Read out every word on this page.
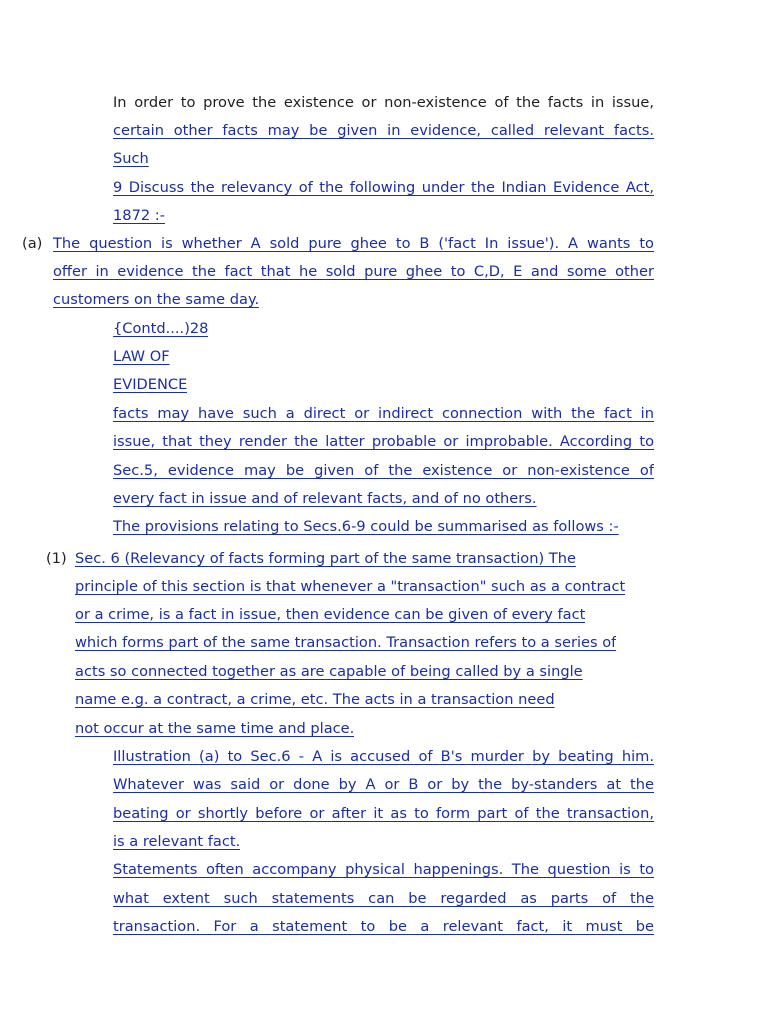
In order to prove the existence or non-existence of the facts in issue,
certain other facts may be given in evidence, called relevant facts.
Such
9 Discuss the relevancy of the following under the Indian Evidence Act,
1872 :-
(a) The question is whether A sold pure ghee to B ('fact In issue'). A wants to
offer in evidence the fact that he sold pure ghee to C,D, E and some other
customers on the same day.
{Contd....)28
LAW OF
EVIDENCE
facts may have such a direct or indirect connection with the fact in
issue, that they render the latter probable or improbable. According to
Sec.5, evidence may be given of the existence or non-existence of
every fact in issue and of relevant facts, and of no others.
The provisions relating to Secs.6-9 could be summarised as follows :-
(1) Sec. 6 (Relevancy of facts forming part of the same transaction) The
principle of this section is that whenever a "transaction" such as a contract
or a crime, is a fact in issue, then evidence can be given of every fact
which forms part of the same transaction. Transaction refers to a series of
acts so connected together as are capable of being called by a single
name e.g. a contract, a crime, etc. The acts in a transaction need
not occur at the same time and place.
Illustration (a) to Sec.6 - A is accused of B's murder by beating him.
Whatever was said or done by A or B or by the by-standers at the
beating or shortly before or after it as to form part of the transaction,
is a relevant fact.
Statements often accompany physical happenings. The question is to
what extent such statements can be regarded as parts of the
transaction. For a statement to be a relevant fact, it must be
